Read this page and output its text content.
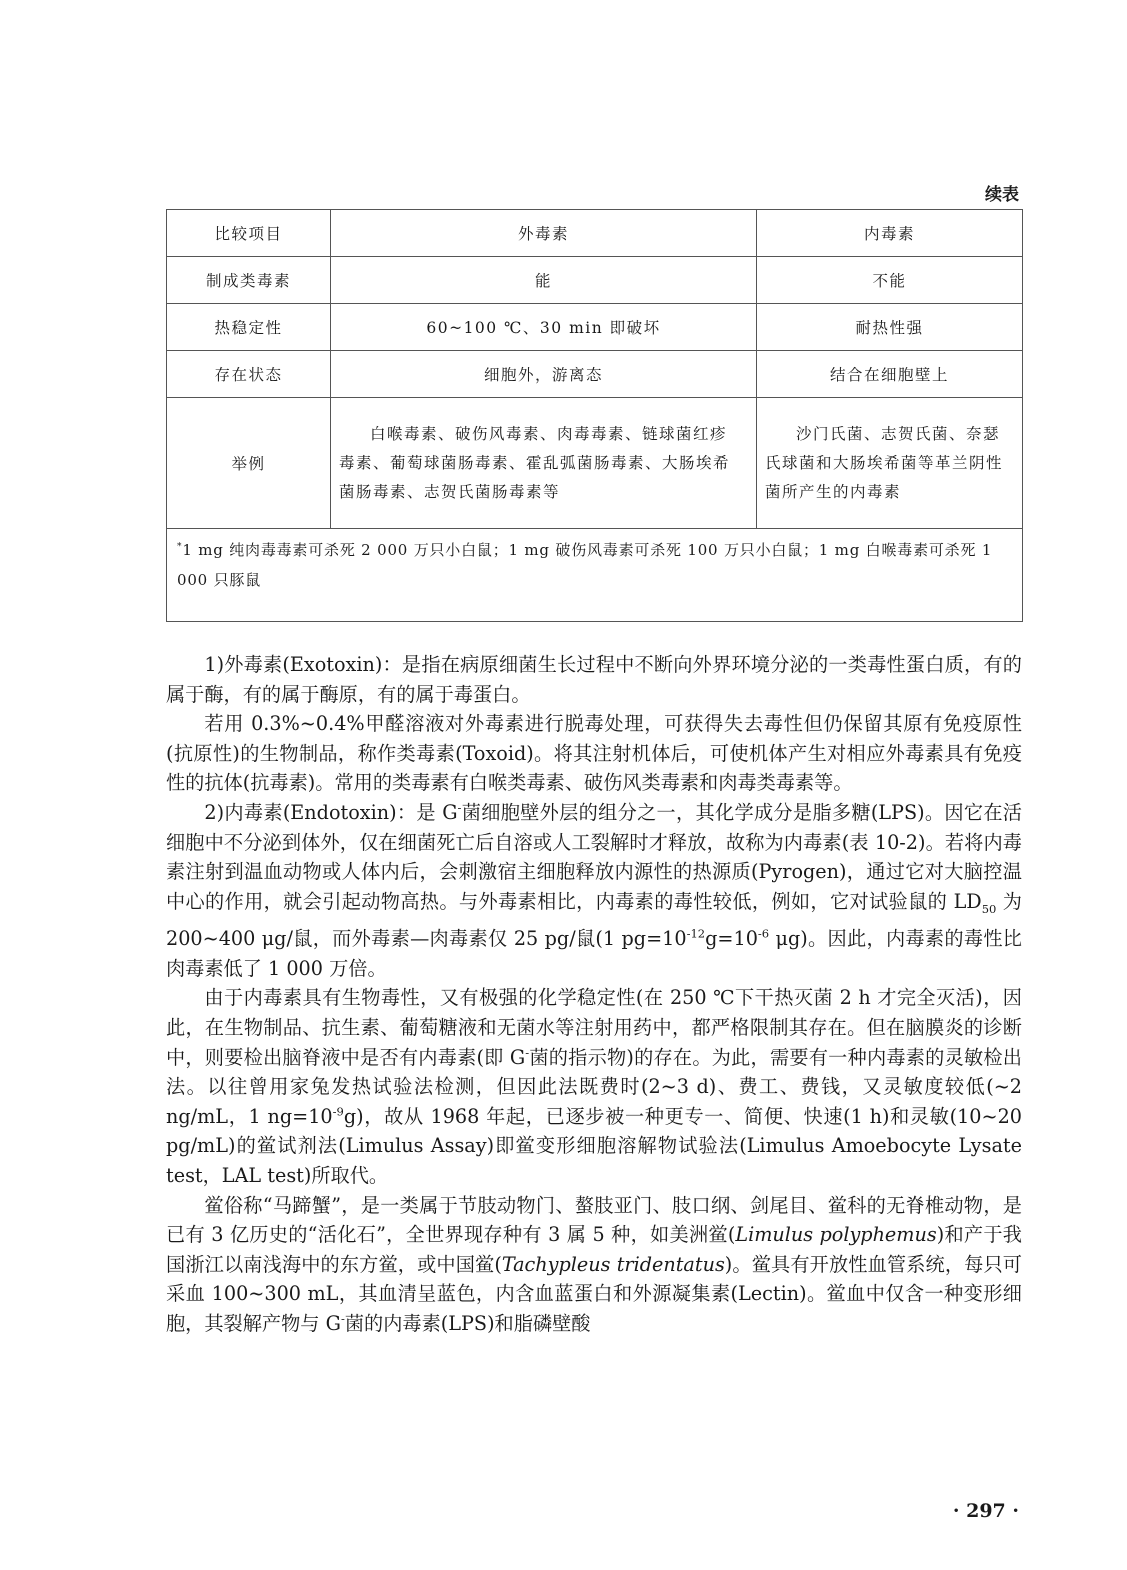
续表
比较项目	外毒素	内毒素
制成类毒素	能	不能
热稳定性	60~100 ℃、30 min 即破坏	耐热性强
存在状态	细胞外，游离态	结合在细胞壁上
举例	白喉毒素、破伤风毒素、肉毒毒素、链球菌红疹毒素、葡萄球菌肠毒素、霍乱弧菌肠毒素、大肠埃希菌肠毒素、志贺氏菌肠毒素等	沙门氏菌、志贺氏菌、奈瑟氏球菌和大肠埃希菌等革兰阴性菌所产生的内毒素
*1 mg 纯肉毒毒素可杀死 2 000 万只小白鼠；1 mg 破伤风毒素可杀死 100 万只小白鼠；1 mg 白喉毒素可杀死 1 000 只豚鼠		

1)外毒素(Exotoxin)：是指在病原细菌生长过程中不断向外界环境分泌的一类毒性蛋白质，有的属于酶，有的属于酶原，有的属于毒蛋白。

若用 0.3%~0.4%甲醛溶液对外毒素进行脱毒处理，可获得失去毒性但仍保留其原有免疫原性(抗原性)的生物制品，称作类毒素(Toxoid)。将其注射机体后，可使机体产生对相应外毒素具有免疫性的抗体(抗毒素)。常用的类毒素有白喉类毒素、破伤风类毒素和肉毒类毒素等。

2)内毒素(Endotoxin)：是 G-菌细胞壁外层的组分之一，其化学成分是脂多糖(LPS)。因它在活细胞中不分泌到体外，仅在细菌死亡后自溶或人工裂解时才释放，故称为内毒素(表 10-2)。若将内毒素注射到温血动物或人体内后，会刺激宿主细胞释放内源性的热源质(Pyrogen)，通过它对大脑控温中心的作用，就会引起动物高热。与外毒素相比，内毒素的毒性较低，例如，它对试验鼠的 $LD_{50}$ 为 200~400 μg/鼠，而外毒素—肉毒素仅 25 pg/鼠(1 $pg=10^{-12}g=10^{-6}$ μg)。因此，内毒素的毒性比肉毒素低了 1 000 万倍。

由于内毒素具有生物毒性，又有极强的化学稳定性(在 250 ℃下干热灭菌 2 h 才完全灭活)，因此，在生物制品、抗生素、葡萄糖液和无菌水等注射用药中，都严格限制其存在。但在脑膜炎的诊断中，则要检出脑脊液中是否有内毒素(即 G-菌的指示物)的存在。为此，需要有一种内毒素的灵敏检出法。以往曾用家兔发热试验法检测，但因此法既费时(2~3 d)、费工、费钱，又灵敏度较低(~2 ng/mL，1 $ng=10^{-9}g$)，故从 1968 年起，已逐步被一种更专一、简便、快速(1 h)和灵敏(10~20 pg/mL)的鲎试剂法(Limulus Assay)即鲎变形细胞溶解物试验法(Limulus Amoebocyte Lysate test，LAL test)所取代。

鲎俗称“马蹄蟹”，是一类属于节肢动物门、螯肢亚门、肢口纲、剑尾目、鲎科的无脊椎动物，是已有 3 亿历史的“活化石”，全世界现存种有 3 属 5 种，如美洲鲎(Limulus polyphemus)和产于我国浙江以南浅海中的东方鲎，或中国鲎(Tachypleus tridentatus)。鲎具有开放性血管系统，每只可采血 100~300 mL，其血清呈蓝色，内含血蓝蛋白和外源凝集素(Lectin)。鲎血中仅含一种变形细胞，其裂解产物与 G-菌的内毒素(LPS)和脂磷壁酸

· 297 ·
